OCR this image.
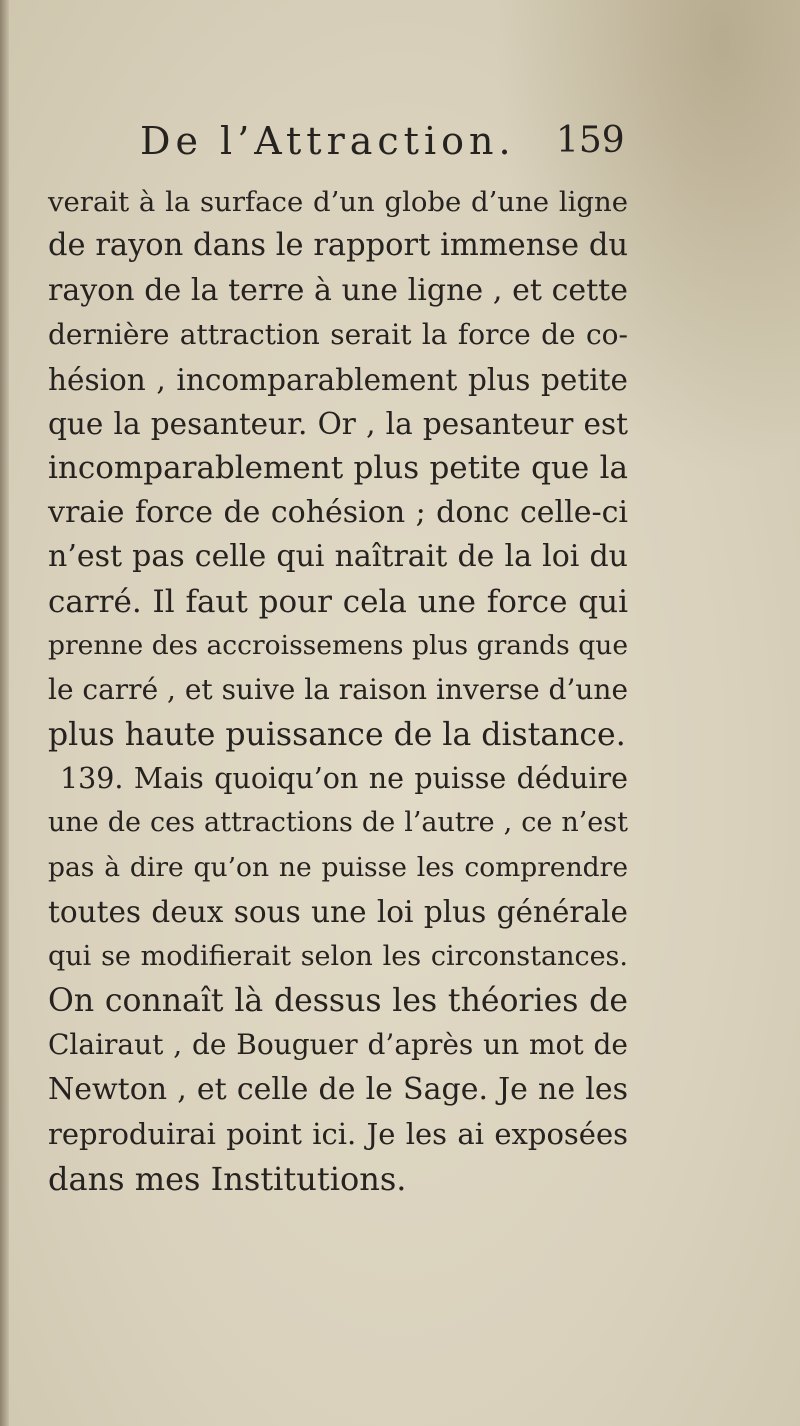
De l’Attraction. 159
verait à la surface d’un globe d’une ligne
de rayon dans le rapport immense du
rayon de la terre à une ligne , et cette
dernière attraction serait la force de co-
hésion , incomparablement plus petite
que la pesanteur. Or , la pesanteur est
incomparablement plus petite que la
vraie force de cohésion ; donc celle-ci
n’est pas celle qui naîtrait de la loi du
carré. Il faut pour cela une force qui
prenne des accroissemens plus grands que
le carré , et suive la raison inverse d’une
plus haute puissance de la distance.
139. Mais quoiqu’on ne puisse déduire
une de ces attractions de l’autre , ce n’est
pas à dire qu’on ne puisse les comprendre
toutes deux sous une loi plus générale
qui se modifierait selon les circonstances.
On connaît là dessus les théories de
Clairaut , de Bouguer d’après un mot de
Newton , et celle de le Sage. Je ne les
reproduirai point ici. Je les ai exposées
dans mes Institutions.
